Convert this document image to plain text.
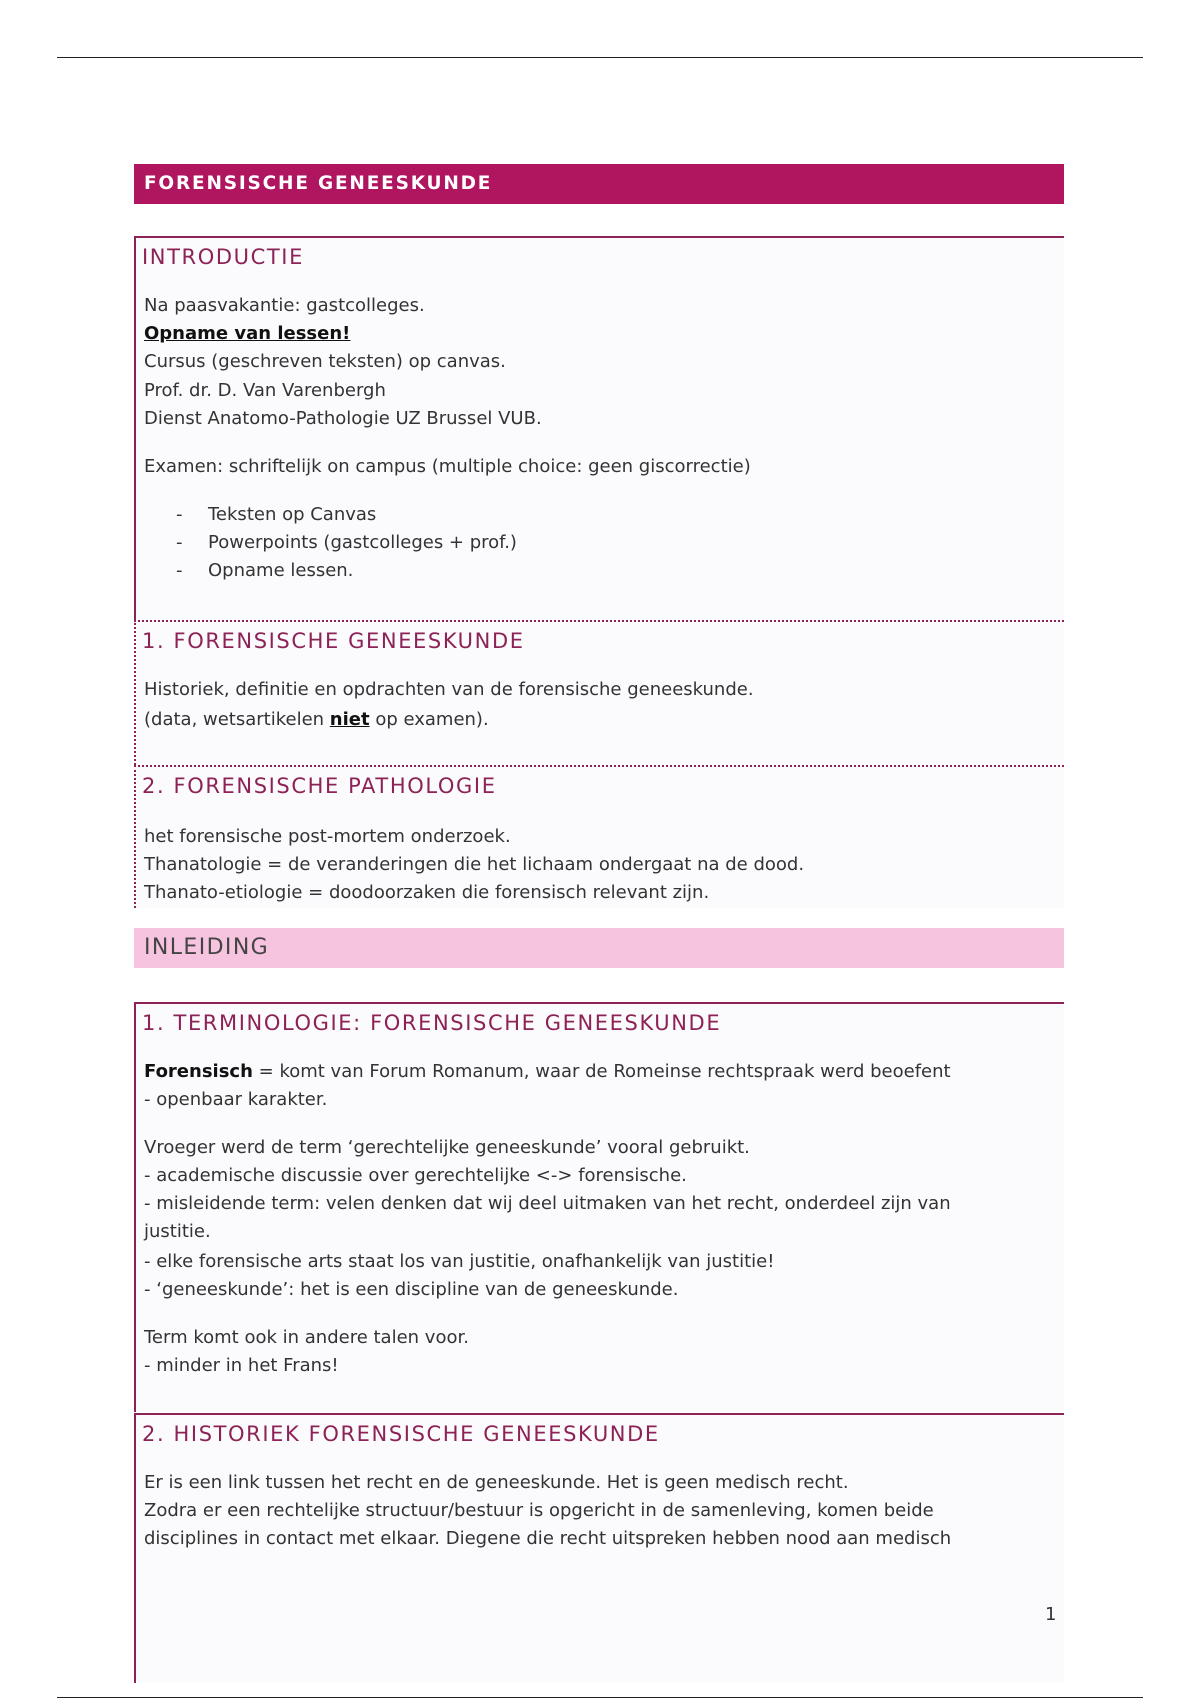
FORENSISCHE GENEESKUNDE
INTRODUCTIE
Na paasvakantie: gastcolleges.
Opname van lessen!
Cursus (geschreven teksten) op canvas.
Prof. dr. D. Van Varenbergh
Dienst Anatomo-Pathologie UZ Brussel VUB.
Examen: schriftelijk on campus (multiple choice: geen giscorrectie)
- Teksten op Canvas
- Powerpoints (gastcolleges + prof.)
- Opname lessen.
1. FORENSISCHE GENEESKUNDE
Historiek, definitie en opdrachten van de forensische geneeskunde.
(data, wetsartikelen niet op examen).
2. FORENSISCHE PATHOLOGIE
het forensische post-mortem onderzoek.
Thanatologie = de veranderingen die het lichaam ondergaat na de dood.
Thanato-etiologie = doodoorzaken die forensisch relevant zijn.
INLEIDING
1. TERMINOLOGIE: FORENSISCHE GENEESKUNDE
Forensisch = komt van Forum Romanum, waar de Romeinse rechtspraak werd beoefent
- openbaar karakter.
Vroeger werd de term ‘gerechtelijke geneeskunde’ vooral gebruikt.
- academische discussie over gerechtelijke <-> forensische.
- misleidende term: velen denken dat wij deel uitmaken van het recht, onderdeel zijn van
justitie.
- elke forensische arts staat los van justitie, onafhankelijk van justitie!
- ‘geneeskunde’: het is een discipline van de geneeskunde.
Term komt ook in andere talen voor.
- minder in het Frans!
2. HISTORIEK FORENSISCHE GENEESKUNDE
Er is een link tussen het recht en de geneeskunde. Het is geen medisch recht.
Zodra er een rechtelijke structuur/bestuur is opgericht in de samenleving, komen beide
disciplines in contact met elkaar. Diegene die recht uitspreken hebben nood aan medisch
1
